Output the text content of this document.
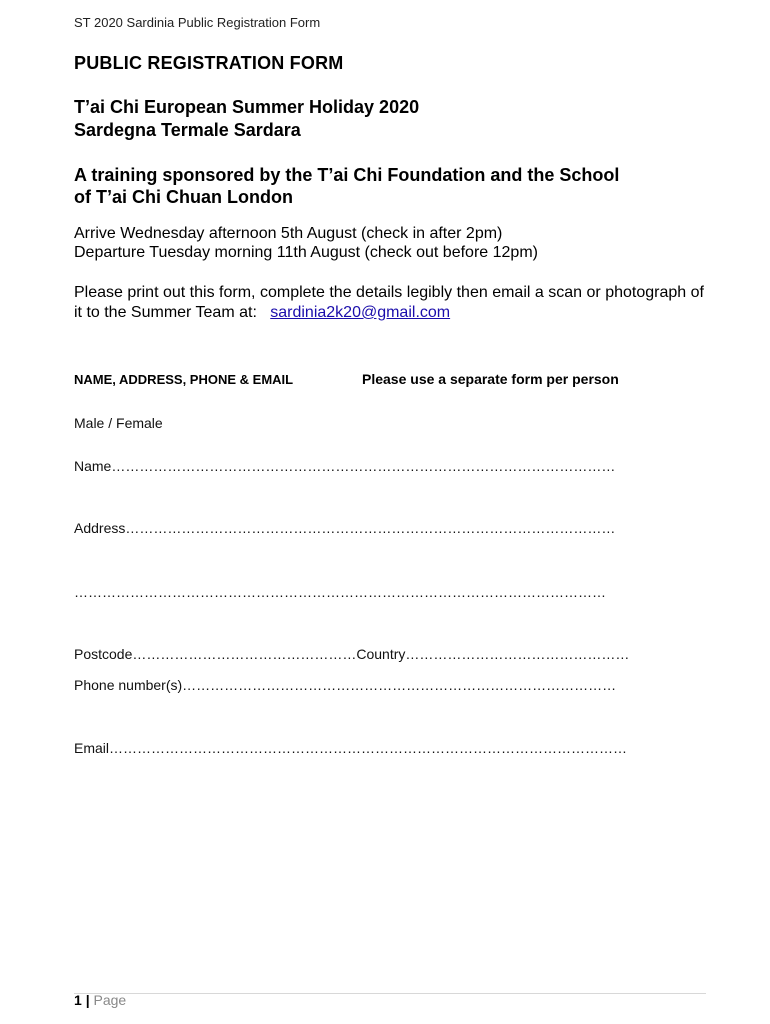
ST 2020 Sardinia Public Registration Form
PUBLIC REGISTRATION FORM
T’ai Chi European Summer Holiday 2020
Sardegna Termale Sardara
A training sponsored by the T’ai Chi Foundation and the School
of T’ai Chi Chuan London
Arrive Wednesday afternoon 5th August (check in after 2pm)
Departure Tuesday morning 11th August (check out before 12pm)
Please print out this form, complete the details legibly then email a scan or photograph of it to the Summer Team at: sardinia2k20@gmail.com
NAME, ADDRESS, PHONE & EMAIL	Please use a separate form per person
Male / Female
Name………………………………………………………………………………………………
Address……………………………………………………………………………………………
……………………………………………………………………………………………………
Postcode…………………………………………Country…………………………………………
Phone number(s)…………………………………………………………………………………
Email…………………………………………………………………………………………………
1 | Page
